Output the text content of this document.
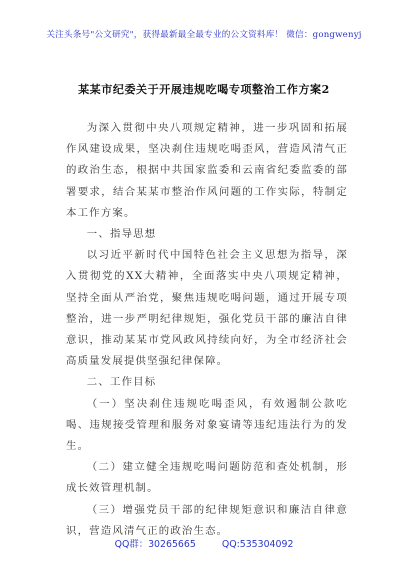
关注头条号"公文研究"，获得最新最全最专业的公文资料库！ 微信：gongwenyj
某某市纪委关于开展违规吃喝专项整治工作方案2

为深入贯彻中央八项规定精神，进一步巩固和拓展作风建设成果，坚决刹住违规吃喝歪风，营造风清气正的政治生态，根据中共国家监委和云南省纪委监委的部署要求，结合某某市整治作风问题的工作实际，特制定本工作方案。

一、指导思想

以习近平新时代中国特色社会主义思想为指导，深入贯彻党的XX大精神，全面落实中央八项规定精神，坚持全面从严治党，聚焦违规吃喝问题，通过开展专项整治，进一步严明纪律规矩，强化党员干部的廉洁自律意识，推动某某市党风政风持续向好，为全市经济社会高质量发展提供坚强纪律保障。

二、工作目标

（一）坚决刹住违规吃喝歪风，有效遏制公款吃喝、违规接受管理和服务对象宴请等违纪违法行为的发生。

（二）建立健全违规吃喝问题防范和查处机制，形成长效管理机制。

（三）增强党员干部的纪律规矩意识和廉洁自律意识，营造风清气正的政治生态。

QQ群：30265665	QQ:535304092
